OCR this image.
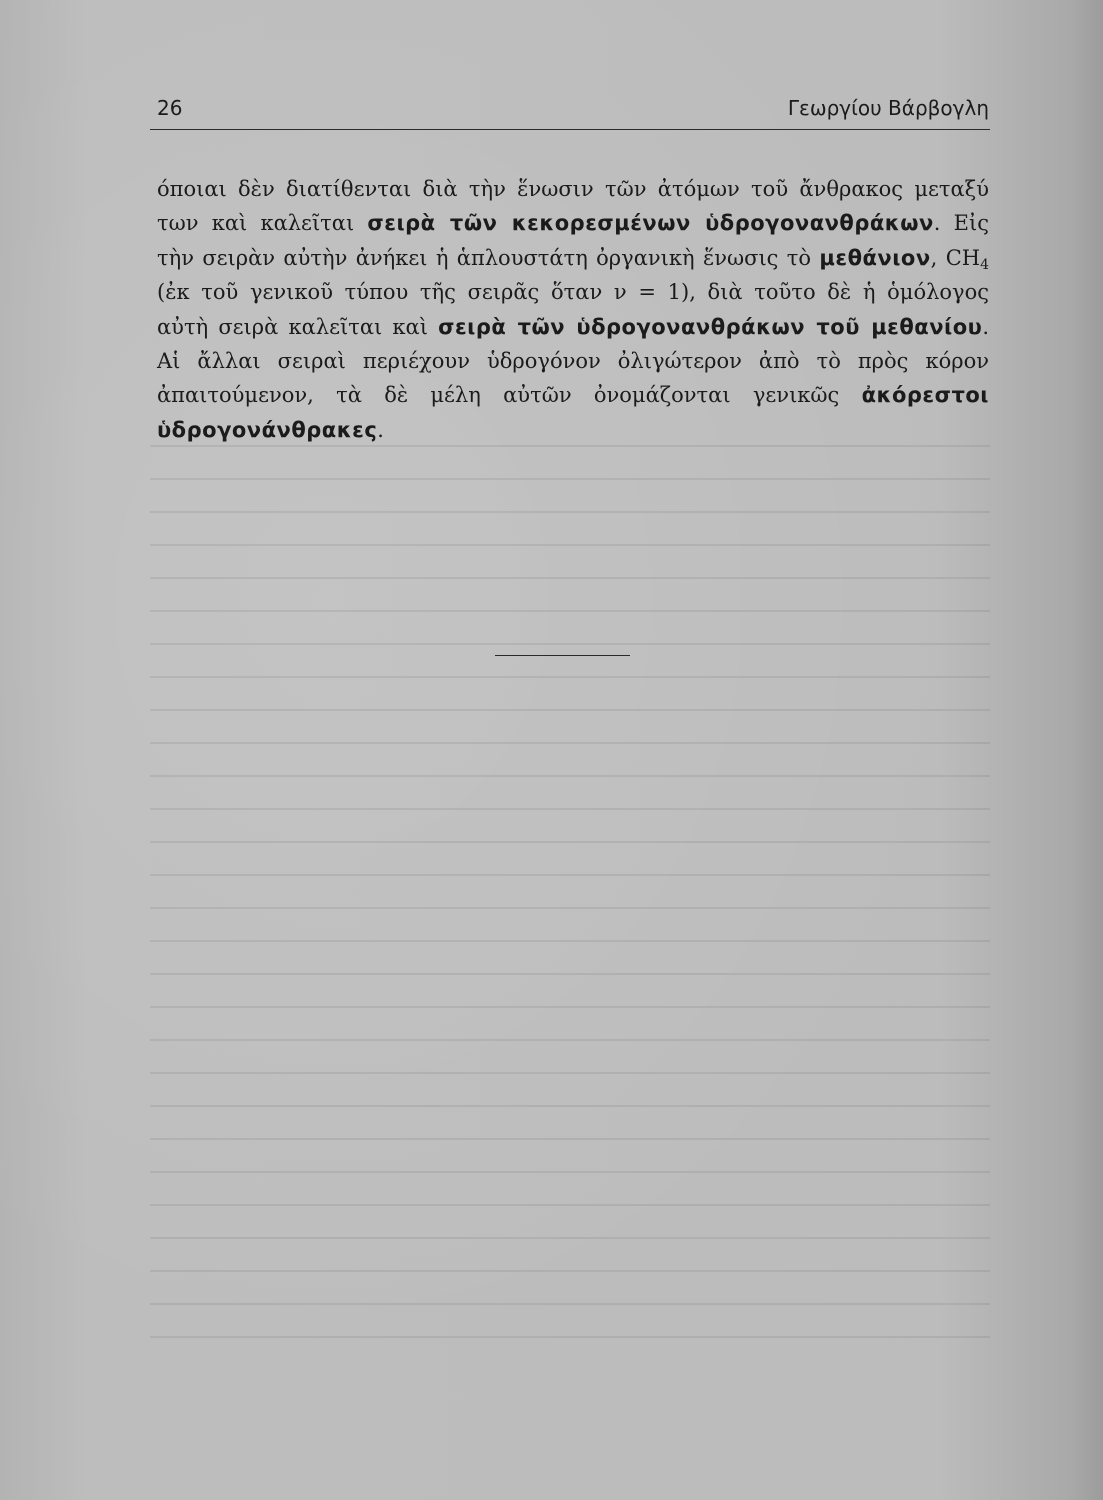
26	Γεωργίου Βάρβογλη
όποιαι δὲν διατίθενται διὰ τὴν ἕνωσιν τῶν ἀτόμων τοῦ ἄνθρακος μεταξύ των καὶ καλεῖται σειρὰ τῶν κεκορεσμένων ὑδρογονανθράκων. Εἰς τὴν σειρὰν αὐτὴν ἀνήκει ἡ ἁπλουστάτη ὀργανικὴ ἕνωσις τὸ μεθάνιον, $CH_4$ (ἐκ τοῦ γενικοῦ τύπου τῆς σειρᾶς ὅταν ν = 1), διὰ τοῦτο δὲ ἡ ὁμόλογος αὐτὴ σειρὰ καλεῖται καὶ σειρὰ τῶν ὑδρογονανθράκων τοῦ μεθανίου. Αἱ ἄλλαι σειραὶ περιέχουν ὑδρογόνον ὀλιγώτερον ἀπὸ τὸ πρὸς κόρον ἀπαιτούμενον, τὰ δὲ μέλη αὐτῶν ὀνομάζονται γενικῶς ἀκόρεστοι ὑδρογονάνθρακες.
